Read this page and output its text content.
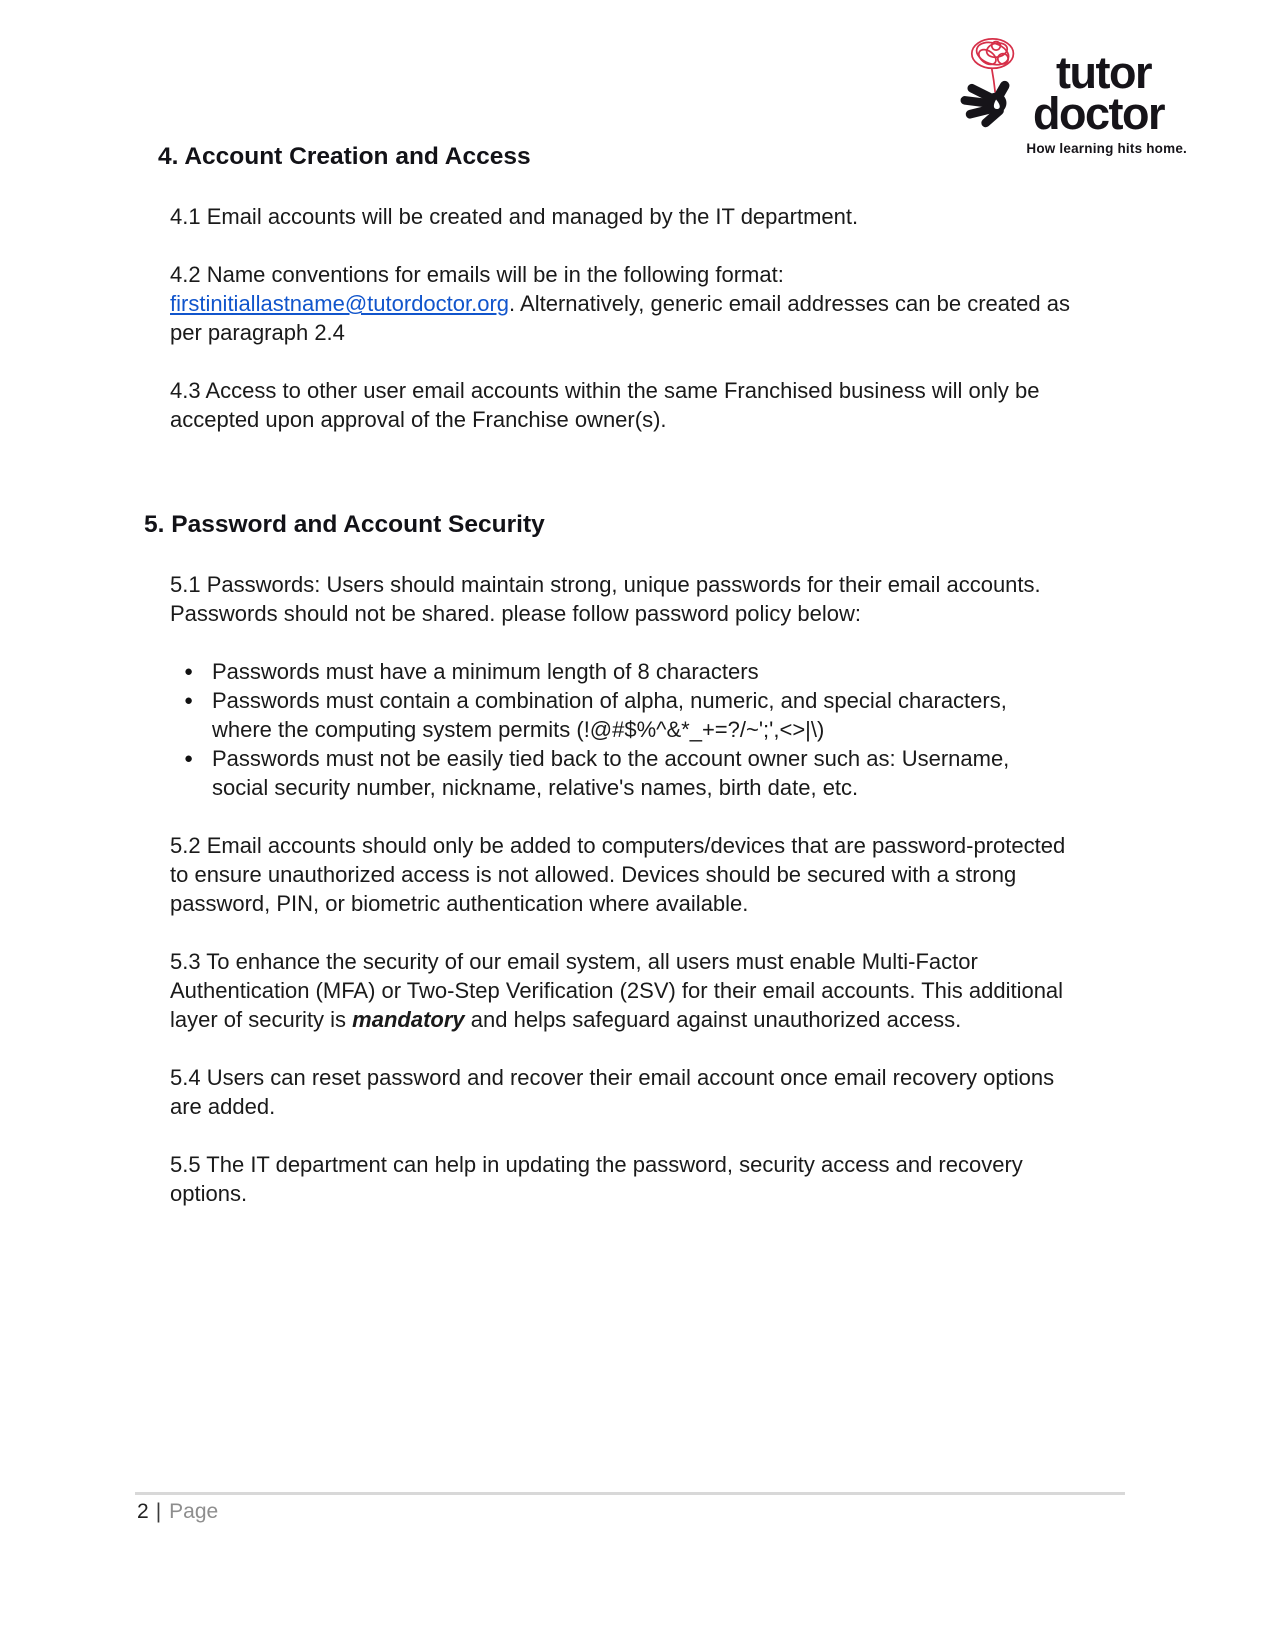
tutor
doctor
How learning hits home.
4. Account Creation and Access

4.1 Email accounts will be created and managed by the IT department.

4.2 Name conventions for emails will be in the following format: firstinitiallastname@tutordoctor.org. Alternatively, generic email addresses can be created as per paragraph 2.4

4.3 Access to other user email accounts within the same Franchised business will only be accepted upon approval of the Franchise owner(s).

5. Password and Account Security

5.1 Passwords: Users should maintain strong, unique passwords for their email accounts. Passwords should not be shared. please follow password policy below:

● Passwords must have a minimum length of 8 characters
● Passwords must contain a combination of alpha, numeric, and special characters, where the computing system permits (!@#$%^&*_+=?/~';',<>|\)
● Passwords must not be easily tied back to the account owner such as: Username, social security number, nickname, relative's names, birth date, etc.

5.2 Email accounts should only be added to computers/devices that are password-protected to ensure unauthorized access is not allowed. Devices should be secured with a strong password, PIN, or biometric authentication where available.

5.3 To enhance the security of our email system, all users must enable Multi-Factor Authentication (MFA) or Two-Step Verification (2SV) for their email accounts. This additional layer of security is mandatory and helps safeguard against unauthorized access.

5.4 Users can reset password and recover their email account once email recovery options are added.

5.5 The IT department can help in updating the password, security access and recovery options.

2 | Page
